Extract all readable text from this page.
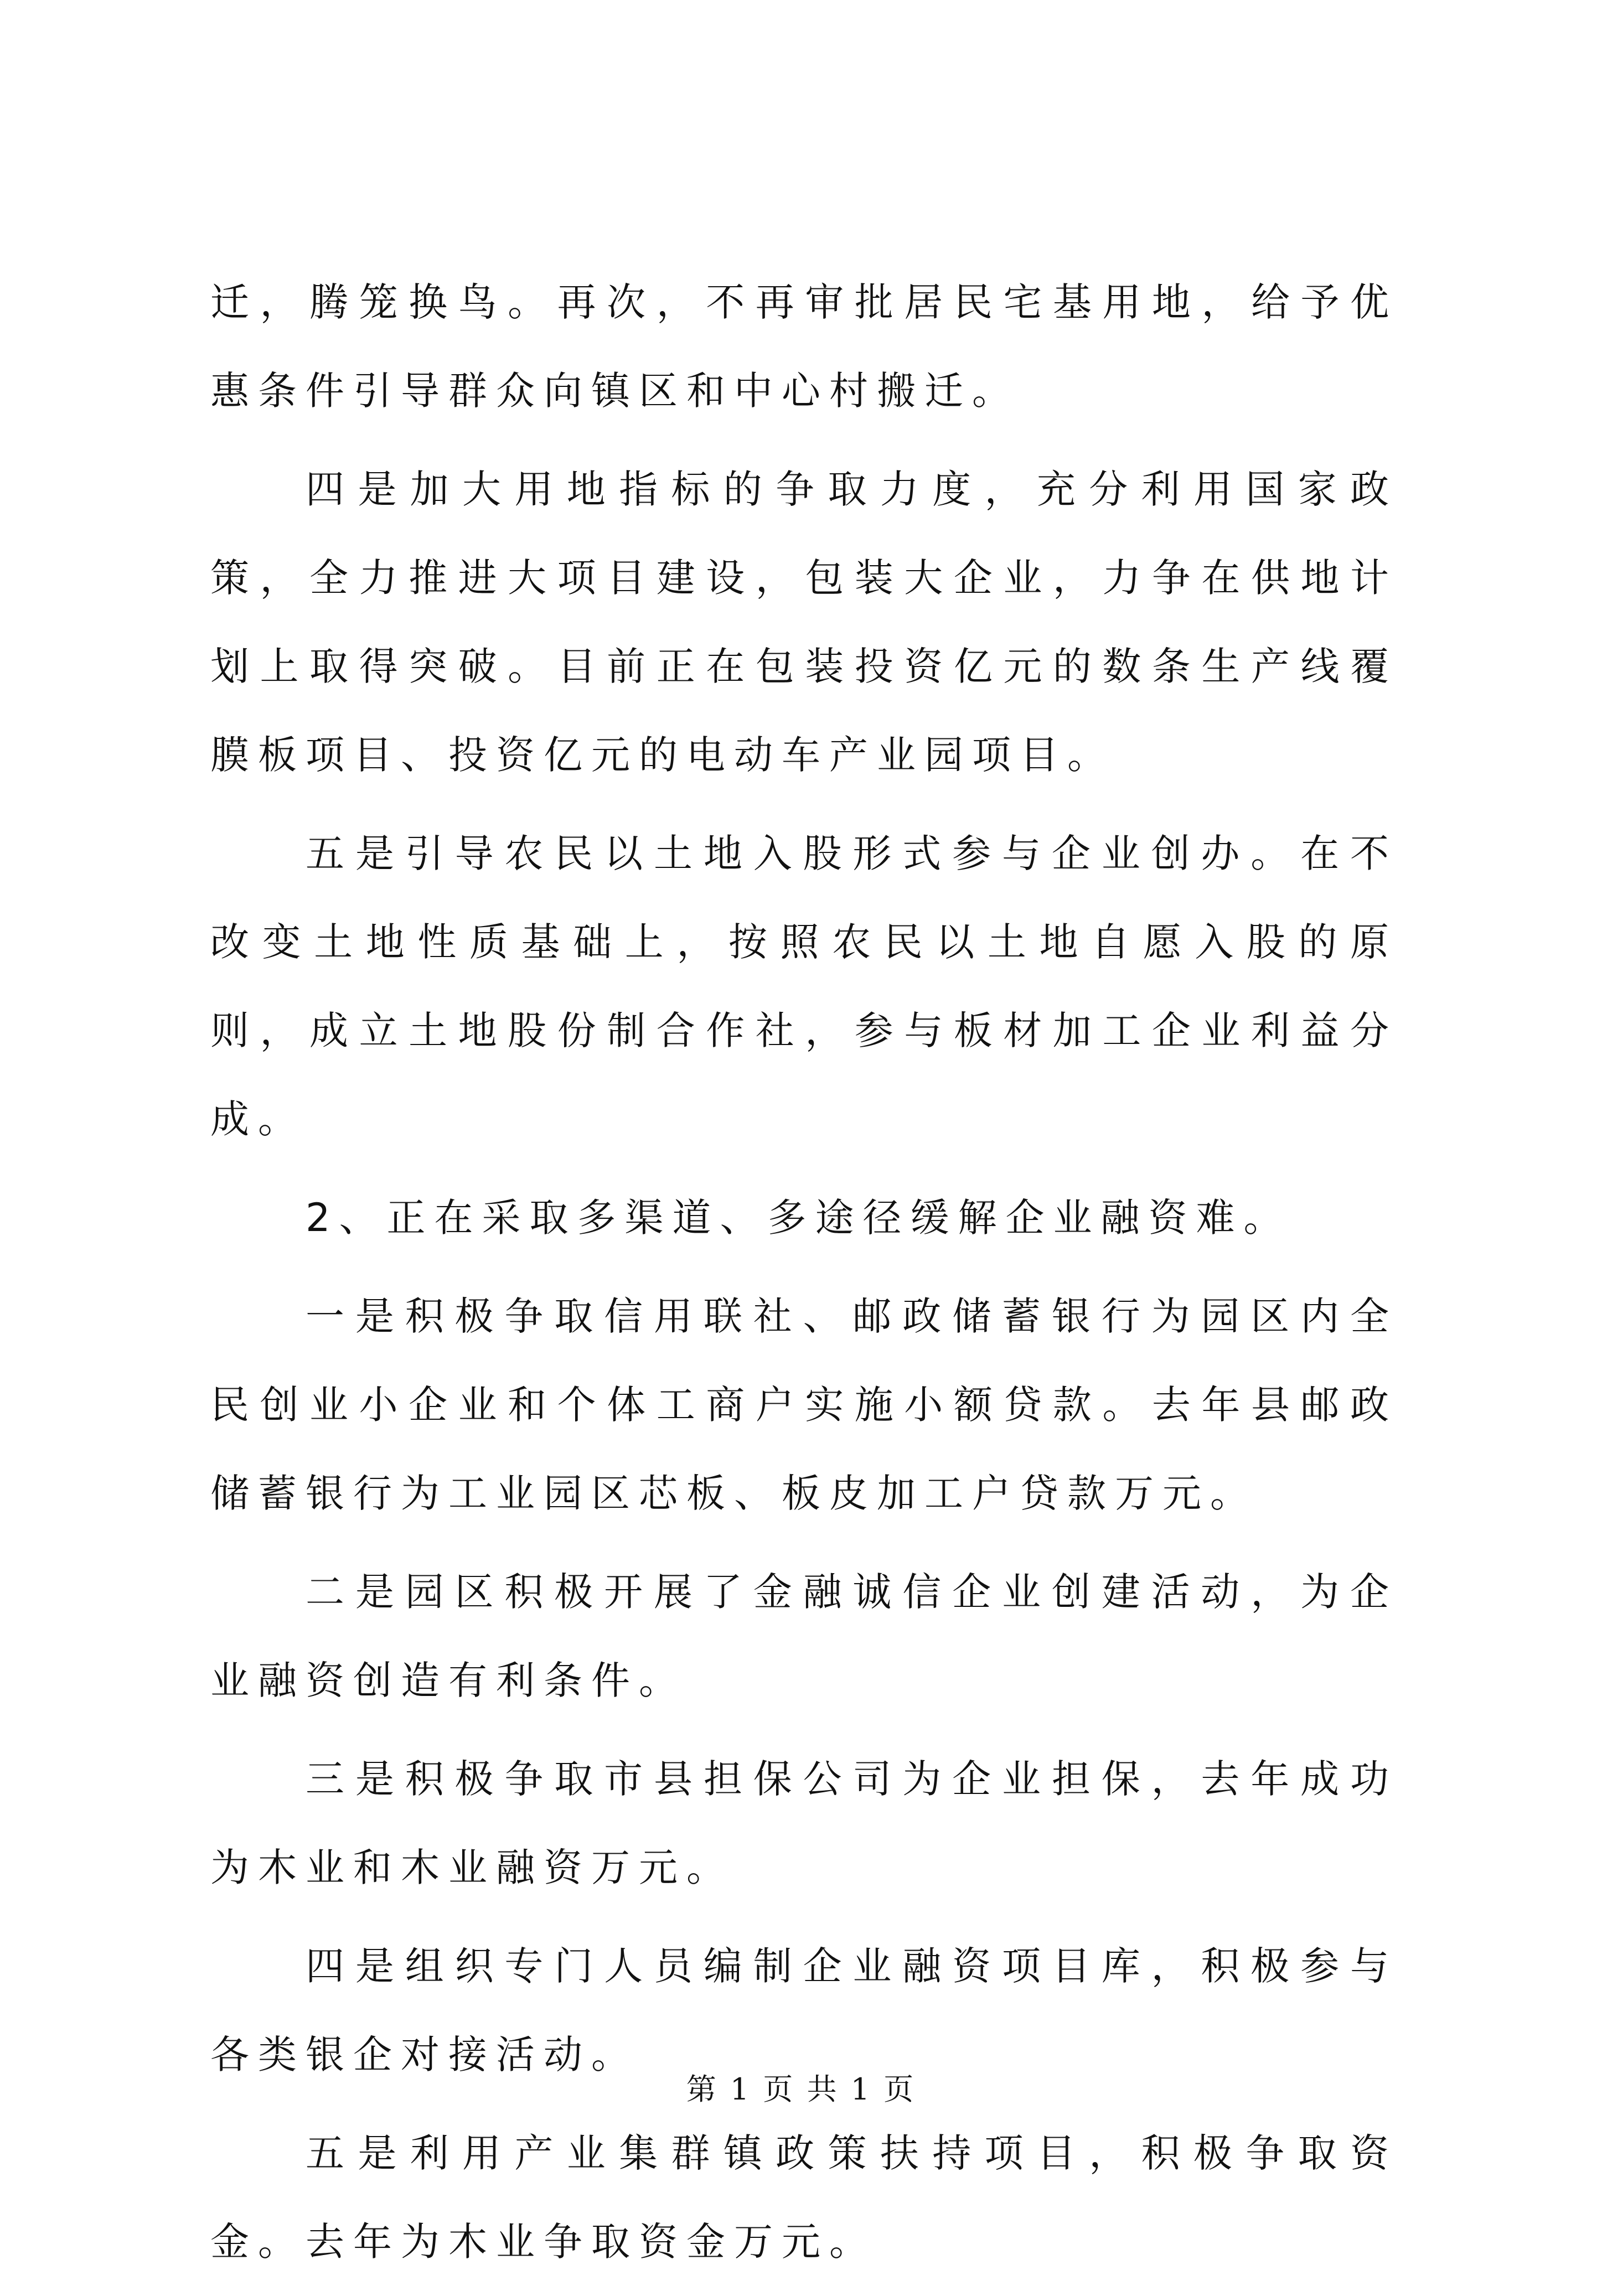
迁，腾笼换鸟。再次，不再审批居民宅基用地，给予优惠条件引导群众向镇区和中心村搬迁。

四是加大用地指标的争取力度，充分利用国家政策，全力推进大项目建设，包装大企业，力争在供地计划上取得突破。目前正在包装投资亿元的数条生产线覆膜板项目、投资亿元的电动车产业园项目。

五是引导农民以土地入股形式参与企业创办。在不改变土地性质基础上，按照农民以土地自愿入股的原则，成立土地股份制合作社，参与板材加工企业利益分成。

2、正在采取多渠道、多途径缓解企业融资难。

一是积极争取信用联社、邮政储蓄银行为园区内全民创业小企业和个体工商户实施小额贷款。去年县邮政储蓄银行为工业园区芯板、板皮加工户贷款万元。

二是园区积极开展了金融诚信企业创建活动，为企业融资创造有利条件。

三是积极争取市县担保公司为企业担保，去年成功为木业和木业融资万元。

四是组织专门人员编制企业融资项目库，积极参与各类银企对接活动。

五是利用产业集群镇政策扶持项目，积极争取资金。去年为木业争取资金万元。

第 1 页 共 1 页
